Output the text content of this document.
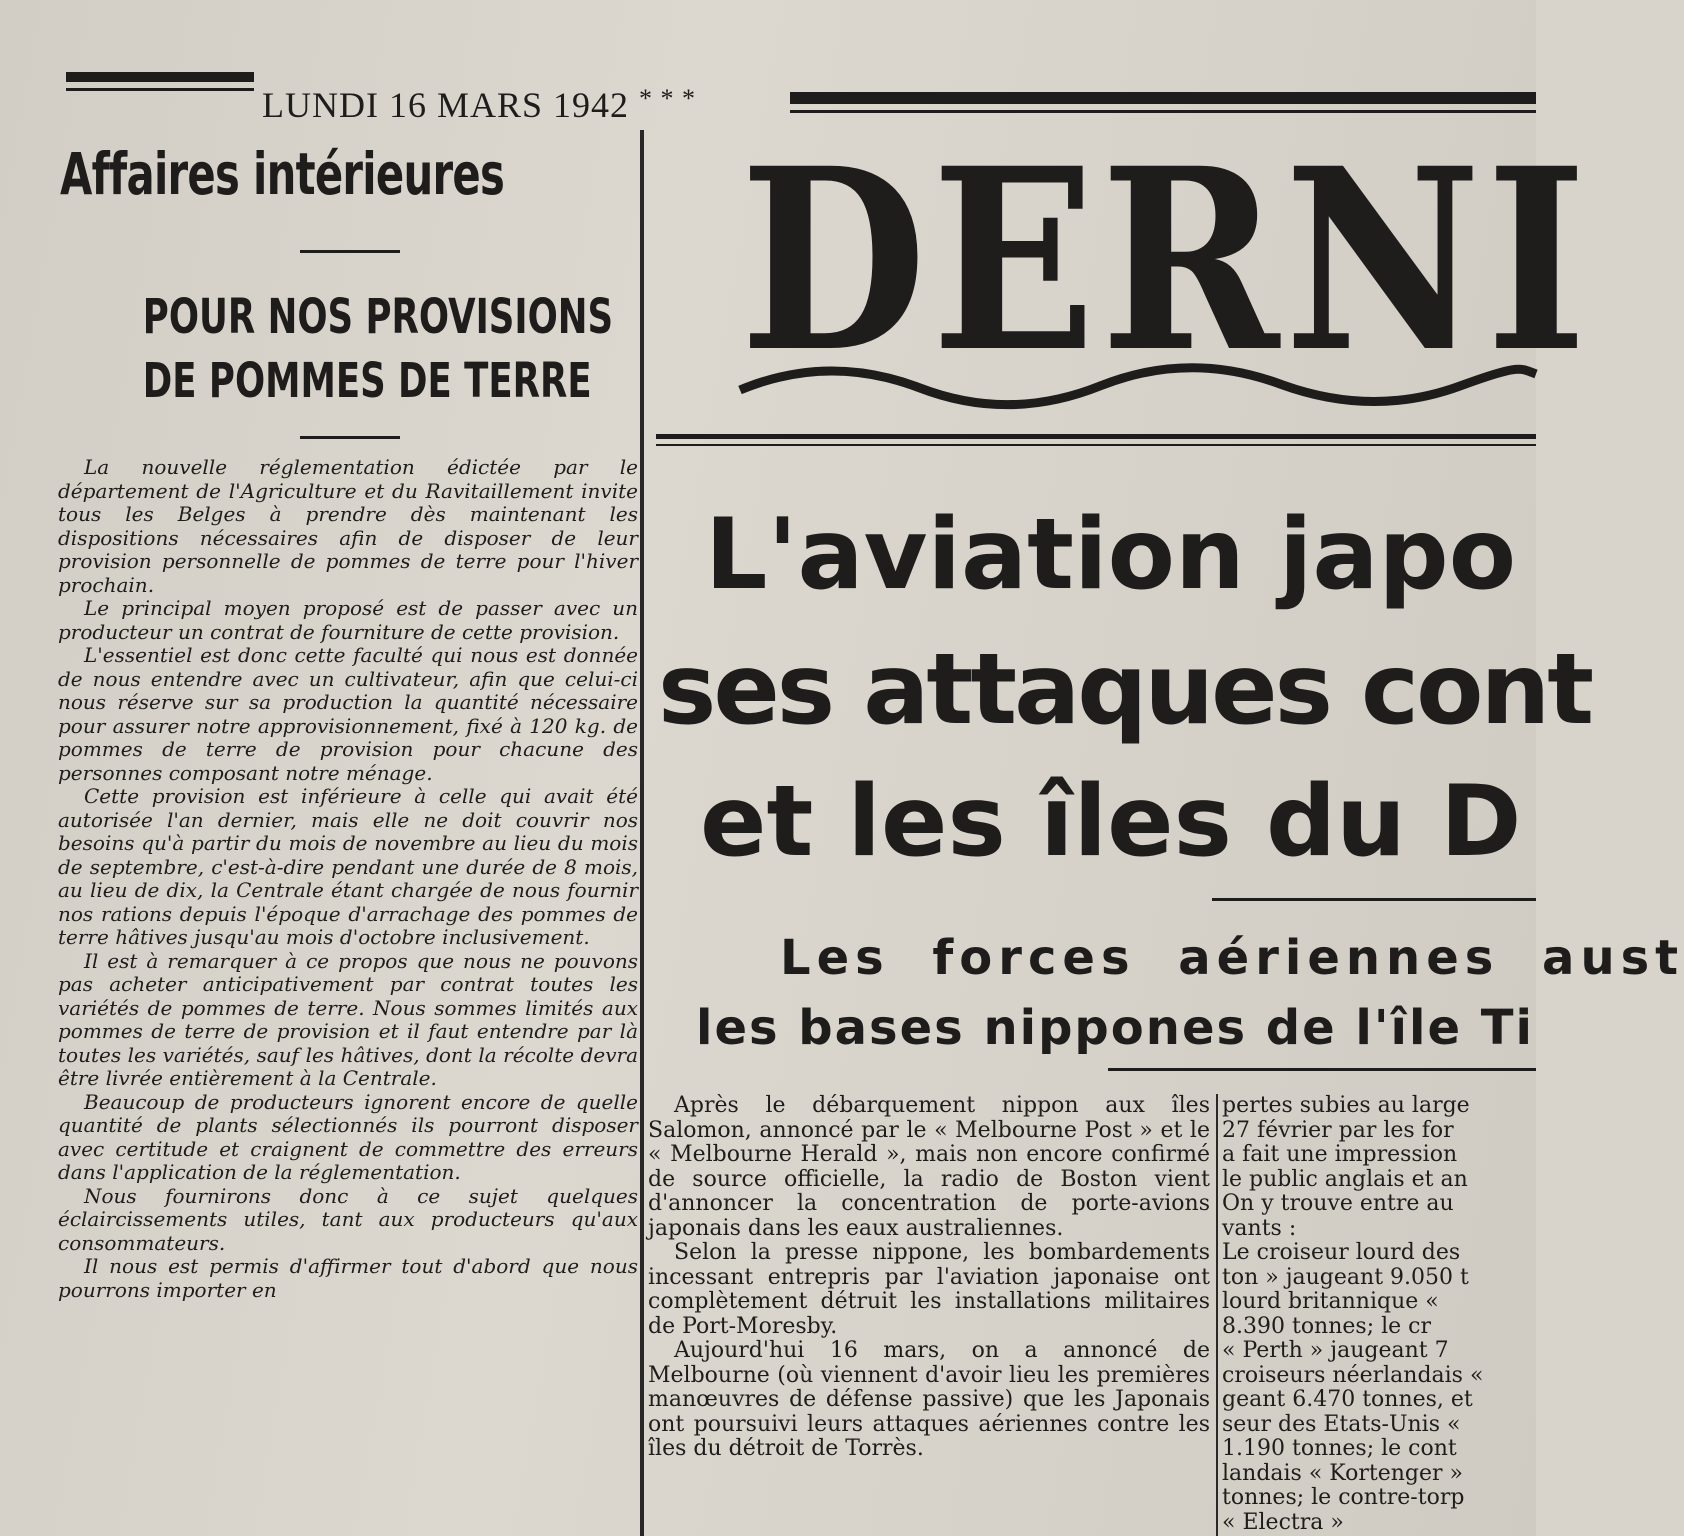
LUNDI 16 MARS 1942 * * *
Affaires intérieures
POUR NOS PROVISIONS
DE POMMES DE TERRE

La nouvelle réglementation édictée par le département de l'Agriculture et du Ravitaillement invite tous les Belges à prendre dès maintenant les dispositions nécessaires afin de disposer de leur provision personnelle de pommes de terre pour l'hiver prochain.

Le principal moyen proposé est de passer avec un producteur un contrat de fourniture de cette provision.

L'essentiel est donc cette faculté qui nous est donnée de nous entendre avec un cultivateur, afin que celui-ci nous réserve sur sa production la quantité nécessaire pour assurer notre approvisionnement, fixé à 120 kg. de pommes de terre de provision pour chacune des personnes composant notre ménage.

Cette provision est inférieure à celle qui avait été autorisée l'an dernier, mais elle ne doit couvrir nos besoins qu'à partir du mois de novembre au lieu du mois de septembre, c'est-à-dire pendant une durée de 8 mois, au lieu de dix, la Centrale étant chargée de nous fournir nos rations depuis l'époque d'arrachage des pommes de terre hâtives jusqu'au mois d'octobre inclusivement.

Il est à remarquer à ce propos que nous ne pouvons pas acheter anticipativement par contrat toutes les variétés de pommes de terre. Nous sommes limités aux pommes de terre de provision et il faut entendre par là toutes les variétés, sauf les hâtives, dont la récolte devra être livrée entièrement à la Centrale.

Beaucoup de producteurs ignorent encore de quelle quantité de plants sélectionnés ils pourront disposer avec certitude et craignent de commettre des erreurs dans l'application de la réglementation.

Nous fournirons donc à ce sujet quelques éclaircissements utiles, tant aux producteurs qu'aux consommateurs.

Il nous est permis d'affirmer tout d'abord que nous pourrons importer en

DERNI
L'aviation japo
ses attaques cont
et les îles du D
Les forces aériennes aust
les bases nippones de l'île Ti

Après le débarquement nippon aux îles Salomon, annoncé par le « Melbourne Post » et le « Melbourne Herald », mais non encore confirmé de source officielle, la radio de Boston vient d'annoncer la concentration de porte-avions japonais dans les eaux australiennes.

Selon la presse nippone, les bombardements incessant entrepris par l'aviation japonaise ont complètement détruit les installations militaires de Port-Moresby.

Aujourd'hui 16 mars, on a annoncé de Melbourne (où viennent d'avoir lieu les premières manœuvres de défense passive) que les Japonais ont poursuivi leurs attaques aériennes contre les îles du détroit de Torrès.

pertes subies au large
27 février par les for
a fait une impression
le public anglais et an
On y trouve entre au
vants :
Le croiseur lourd des
ton » jaugeant 9.050 t
lourd britannique «
8.390 tonnes; le cr
« Perth » jaugeant 7
croiseurs néerlandais «
geant 6.470 tonnes, et
seur des Etats-Unis «
1.190 tonnes; le cont
landais « Kortenger »
tonnes; le contre-torp
« Electra »
